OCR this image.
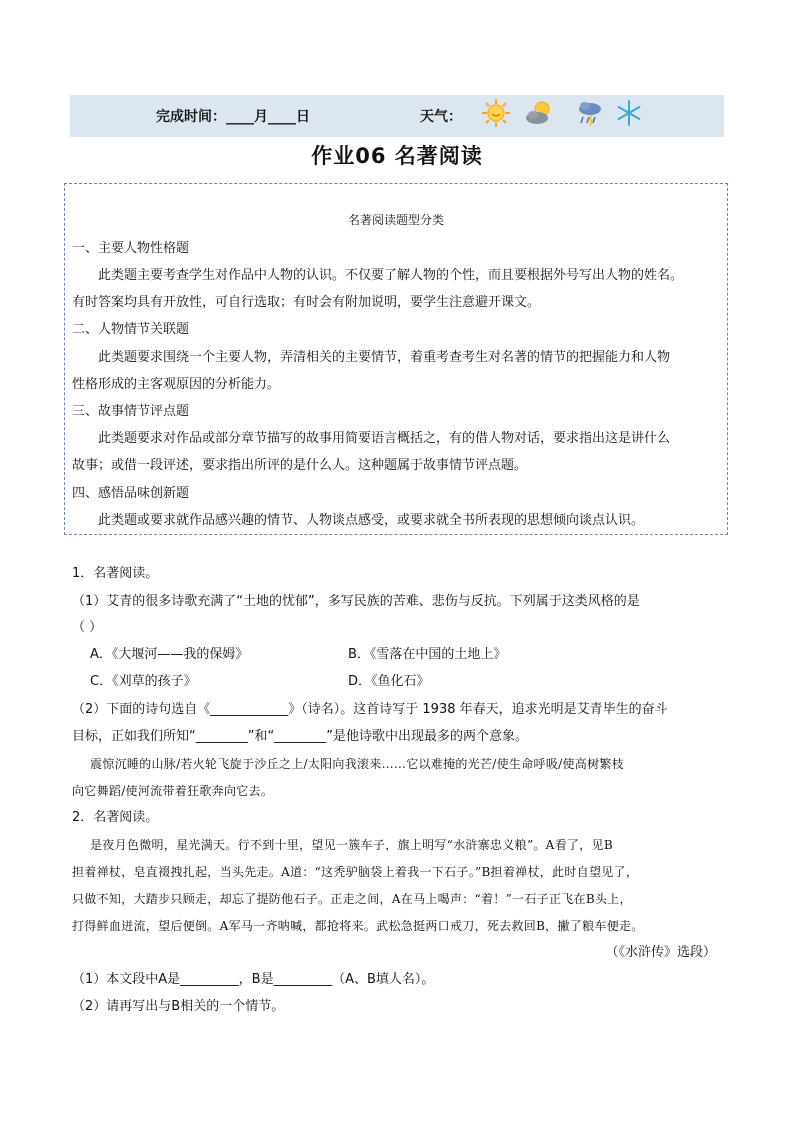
完成时间：____月____日	天气：
作业06 名著阅读
名著阅读题型分类
一、主要人物性格题
此类题主要考查学生对作品中人物的认识。不仅要了解人物的个性，而且要根据外号写出人物的姓名。
有时答案均具有开放性，可自行选取；有时会有附加说明，要学生注意避开课文。
二、人物情节关联题
此类题要求围绕一个主要人物，弄清相关的主要情节，着重考查考生对名著的情节的把握能力和人物
性格形成的主客观原因的分析能力。
三、故事情节评点题
此类题要求对作品或部分章节描写的故事用简要语言概括之，有的借人物对话，要求指出这是讲什么
故事；或借一段评述，要求指出所评的是什么人。这种题属于故事情节评点题。
四、感悟品味创新题
此类题或要求就作品感兴趣的情节、人物谈点感受，或要求就全书所表现的思想倾向谈点认识。
1．名著阅读。
（1）艾青的很多诗歌充满了“土地的忧郁”，多写民族的苦难、悲伤与反抗。下列属于这类风格的是
（ ）
A．《大堰河——我的保姆》	B．《雪落在中国的土地上》
C．《刈草的孩子》	D．《鱼化石》
（2）下面的诗句选自《____________》（诗名）。这首诗写于 1938 年春天，追求光明是艾青毕生的奋斗
目标，正如我们所知“________”和“________”是他诗歌中出现最多的两个意象。
震惊沉睡的山脉/若火轮飞旋于沙丘之上/太阳向我滚来……它以难掩的光芒/使生命呼吸/使高树繁枝
向它舞蹈/使河流带着狂歌奔向它去。
2．名著阅读。
是夜月色微明，星光满天。行不到十里，望见一簇车子，旗上明写“水浒寨忠义粮”。A看了，见B
担着禅杖，皂直裰拽扎起，当头先走。A道：“这秃驴脑袋上着我一下石子。”B担着禅杖，此时自望见了，
只做不知，大踏步只顾走，却忘了提防他石子。正走之间，A在马上喝声：“着！”一石子正飞在B头上，
打得鲜血迸流，望后便倒。A军马一齐呐喊，都抢将来。武松急挺两口戒刀，死去救回B，撇了粮车便走。
（《水浒传》选段）
（1）本文段中A是_________，B是_________（A、B填人名）。
（2）请再写出与B相关的一个情节。
